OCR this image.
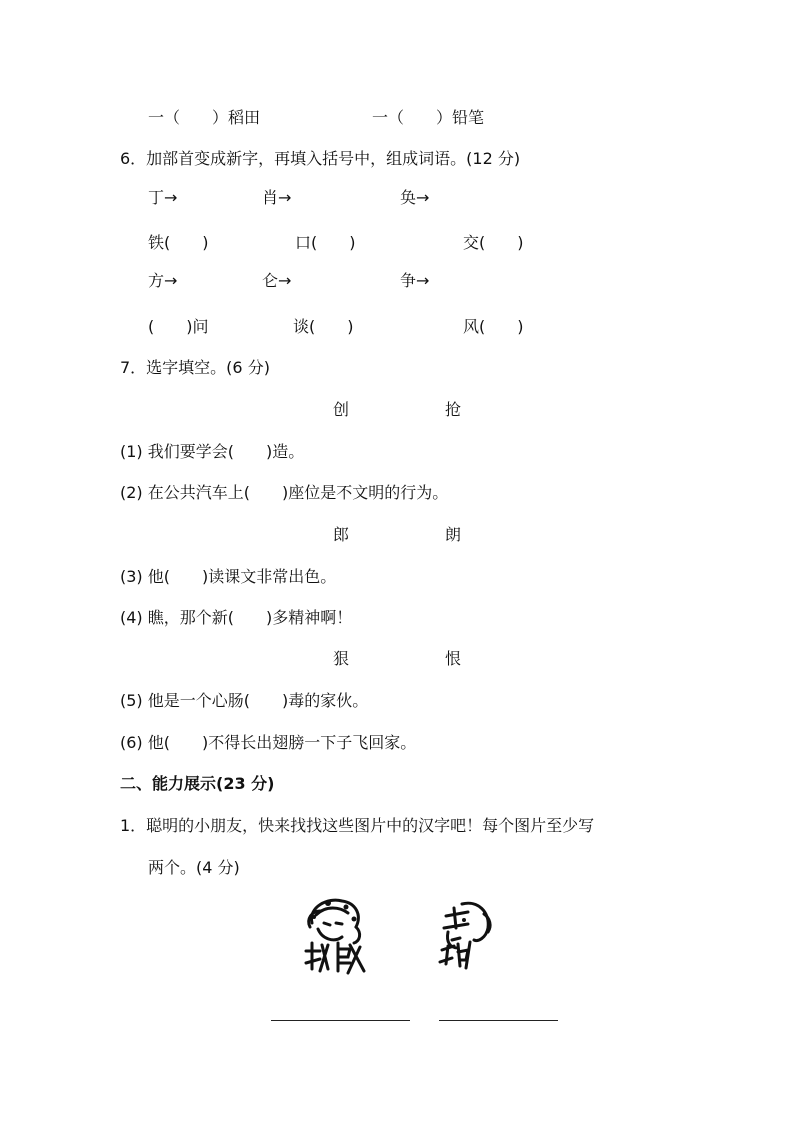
一（　　）稻田	一（　　）铅笔
6．加部首变成新字，再填入括号中，组成词语。(12 分)
丁→	肖→	奂→
铁(　　)	口(　　)	交(　　)
方→	仑→	争→
(　　)问	谈(　　)	风(　　)
7．选字填空。(6 分)
创	抢
(1) 我们要学会(　　)造。
(2) 在公共汽车上(　　)座位是不文明的行为。
郎	朗
(3) 他(　　)读课文非常出色。
(4) 瞧，那个新(　　)多精神啊！
狠	恨
(5) 他是一个心肠(　　)毒的家伙。
(6) 他(　　)不得长出翅膀一下子飞回家。
二、能力展示(23 分)
1．聪明的小朋友，快来找找这些图片中的汉字吧！每个图片至少写
两个。(4 分)
